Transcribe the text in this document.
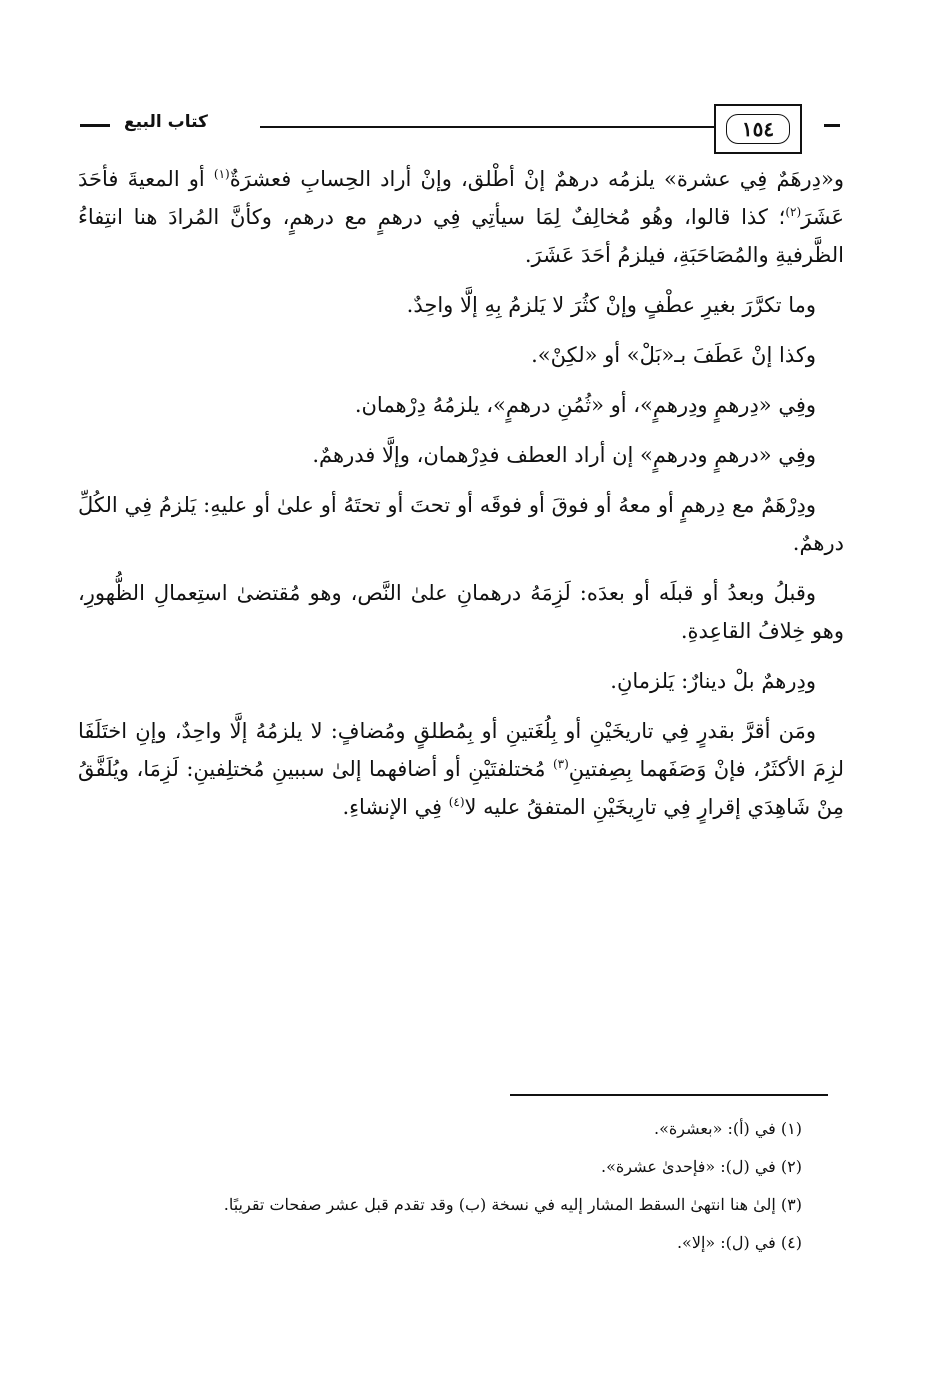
كتاب البيع	١٥٤

و«دِرهَمٌ فِي عشرة» يلزمُه درهمٌ إنْ أطْلق، وإنْ أراد الحِسابِ فعشرَةٌ$^{(١)}$ أو المعيةَ فأحَدَ عَشَرَ$^{(٢)}$؛ كذا قالوا، وهُو مُخالِفٌ لِمَا سيأتِي فِي درهمٍ مع درهمٍ، وكأنَّ المُرادَ هنا انتِفاءُ الظَّرفيةِ والمُصَاحَبَةِ، فيلزمُ أحَدَ عَشَرَ.

وما تكرَّرَ بغيرِ عطْفٍ وإنْ كثُرَ لا يَلزمُ بِهِ إلَّا واحِدٌ.

وكذا إنْ عَطَفَ بـ«بَلْ» أو «لكِنْ».

وفِي «دِرهمٍ ودِرهمٍ»، أو «ثُمُنِ درهمٍ»، يلزمُهُ دِرْهمان.

وفِي «درهمٍ ودرهمٍ» إن أراد العطف فدِرْهمان، وإلَّا فدرهمٌ.

ودِرْهَمٌ مع دِرهمٍ أو معهُ أو فوقَ أو فوقَه أو تحتَ أو تحتَهُ أو علىٰ أو عليهِ: يَلزمُ فِي الكُلِّ درهمٌ.

وقبلُ وبعدُ أو قبلَه أو بعدَه: لَزِمَهُ درهمانِ علىٰ النَّص، وهو مُقتضىٰ استِعمالِ الظُّهورِ، وهو خِلافُ القاعِدةِ.

ودِرهمٌ بلْ دينارٌ: يَلزمانِ.

ومَن أقرَّ بقدرٍ فِي تاريخَيْنِ أو بِلُغَتينِ أو بِمُطلقٍ ومُضافٍ: لا يلزمُهُ إلَّا واحِدٌ، وإنِ اختَلَفَا لزِمَ الأكثَرُ، فإنْ وَصَفَهما بِصِفتينِ$^{(٣)}$ مُختلفتَيْنِ أو أضافهما إلىٰ سببينِ مُختلِفينِ: لَزِمَا، ويُلَفَّقُ مِنْ شَاهِدَي إقرارٍ فِي تارِيخَيْنِ المتفقُ عليه لا$^{(٤)}$ فِي الإنشاءِ.

(١) في (أ): «بعشرة».
(٢) في (ل): «فإحدىٰ عشرة».
(٣) إلىٰ هنا انتهىٰ السقط المشار إليه في نسخة (ب) وقد تقدم قبل عشر صفحات تقريبًا.
(٤) في (ل): «إلا».
